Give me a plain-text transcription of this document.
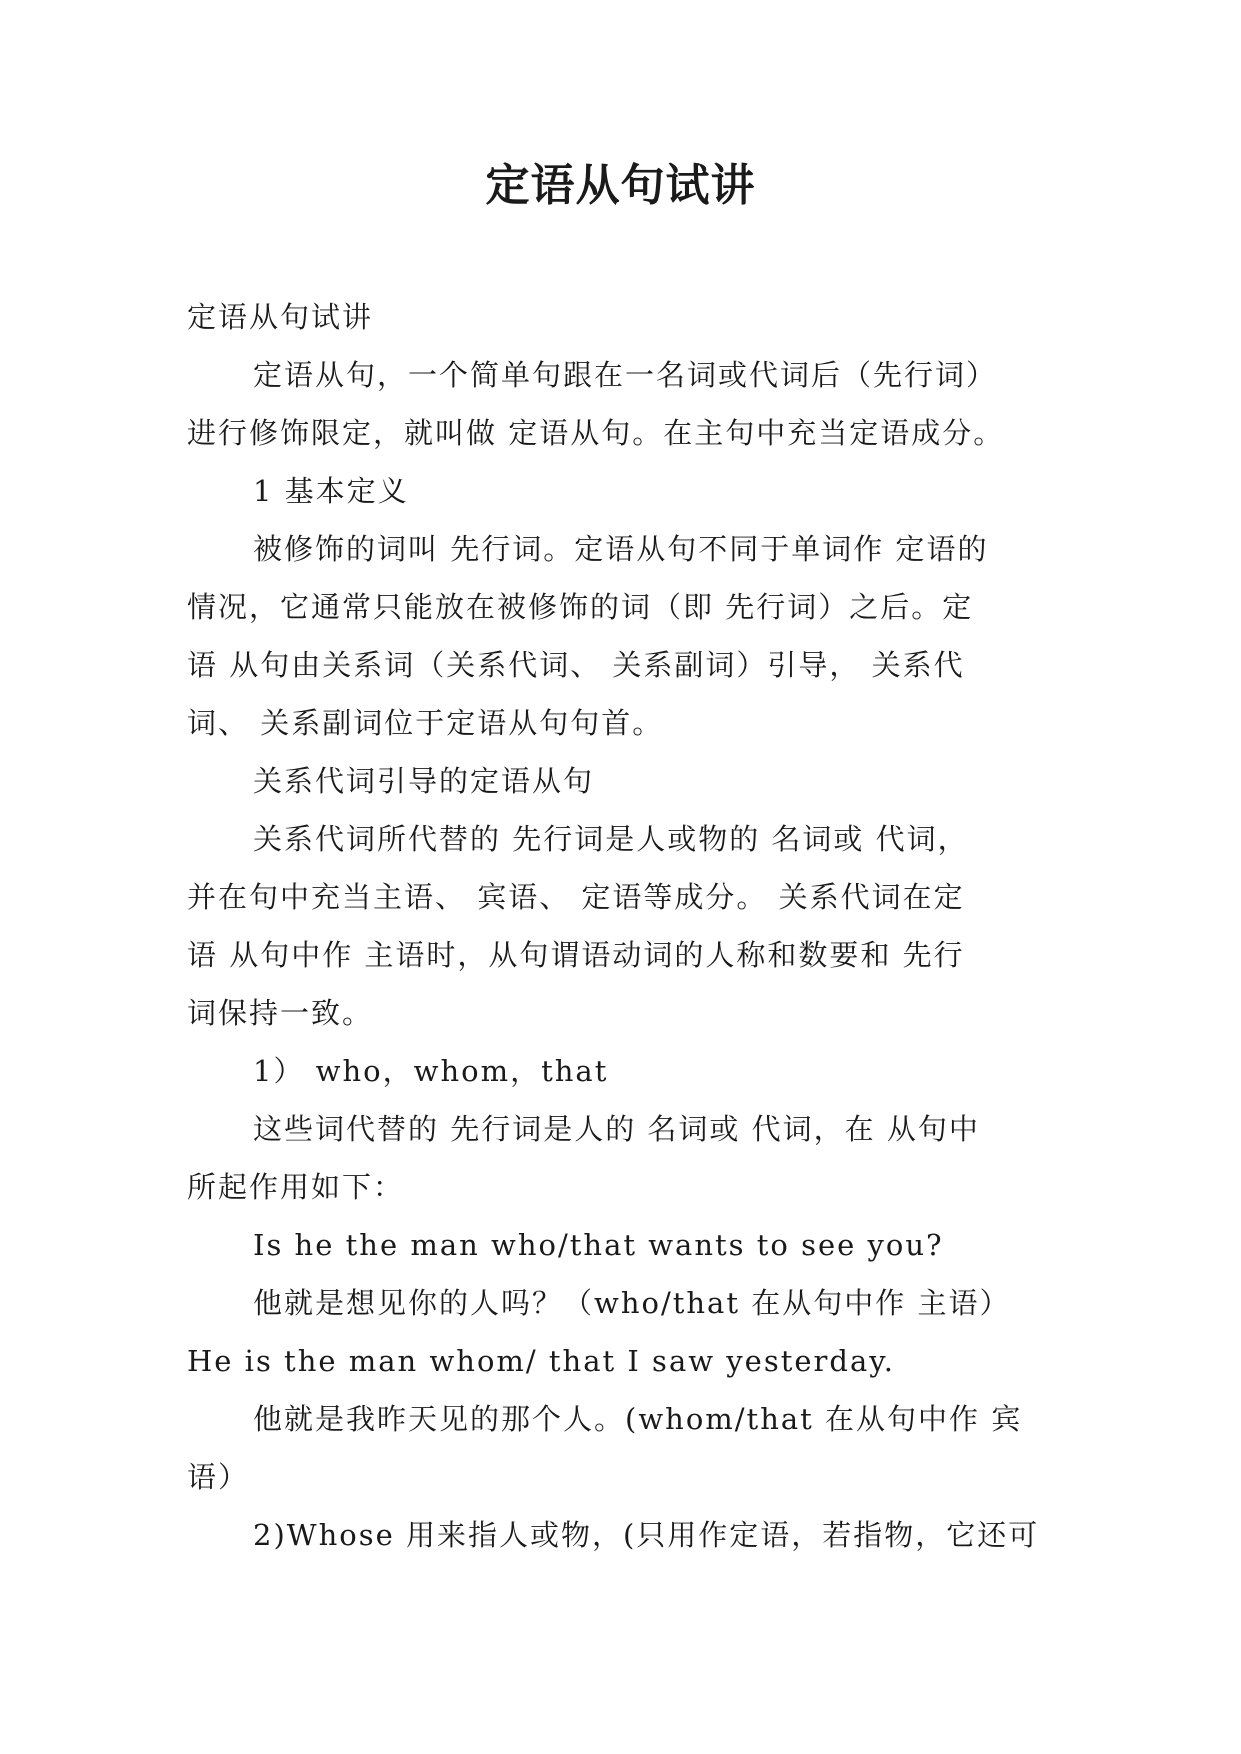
定语从句试讲
定语从句试讲
定语从句，一个简单句跟在一名词或代词后（先行词）
进行修饰限定，就叫做 定语从句。在主句中充当定语成分。
1 基本定义
被修饰的词叫 先行词。定语从句不同于单词作 定语的
情况，它通常只能放在被修饰的词（即 先行词）之后。定
语 从句由关系词（关系代词、 关系副词）引导， 关系代
词、 关系副词位于定语从句句首。
关系代词引导的定语从句
关系代词所代替的 先行词是人或物的 名词或 代词，
并在句中充当主语、 宾语、 定语等成分。 关系代词在定
语 从句中作 主语时，从句谓语动词的人称和数要和 先行
词保持一致。
1） who，whom，that
这些词代替的 先行词是人的 名词或 代词，在 从句中
所起作用如下：
Is he the man who/that wants to see you?
他就是想见你的人吗？（who/that 在从句中作 主语）
He is the man whom/ that I saw yesterday.
他就是我昨天见的那个人。(whom/that 在从句中作 宾
语）
2)Whose 用来指人或物，(只用作定语，若指物，它还可
